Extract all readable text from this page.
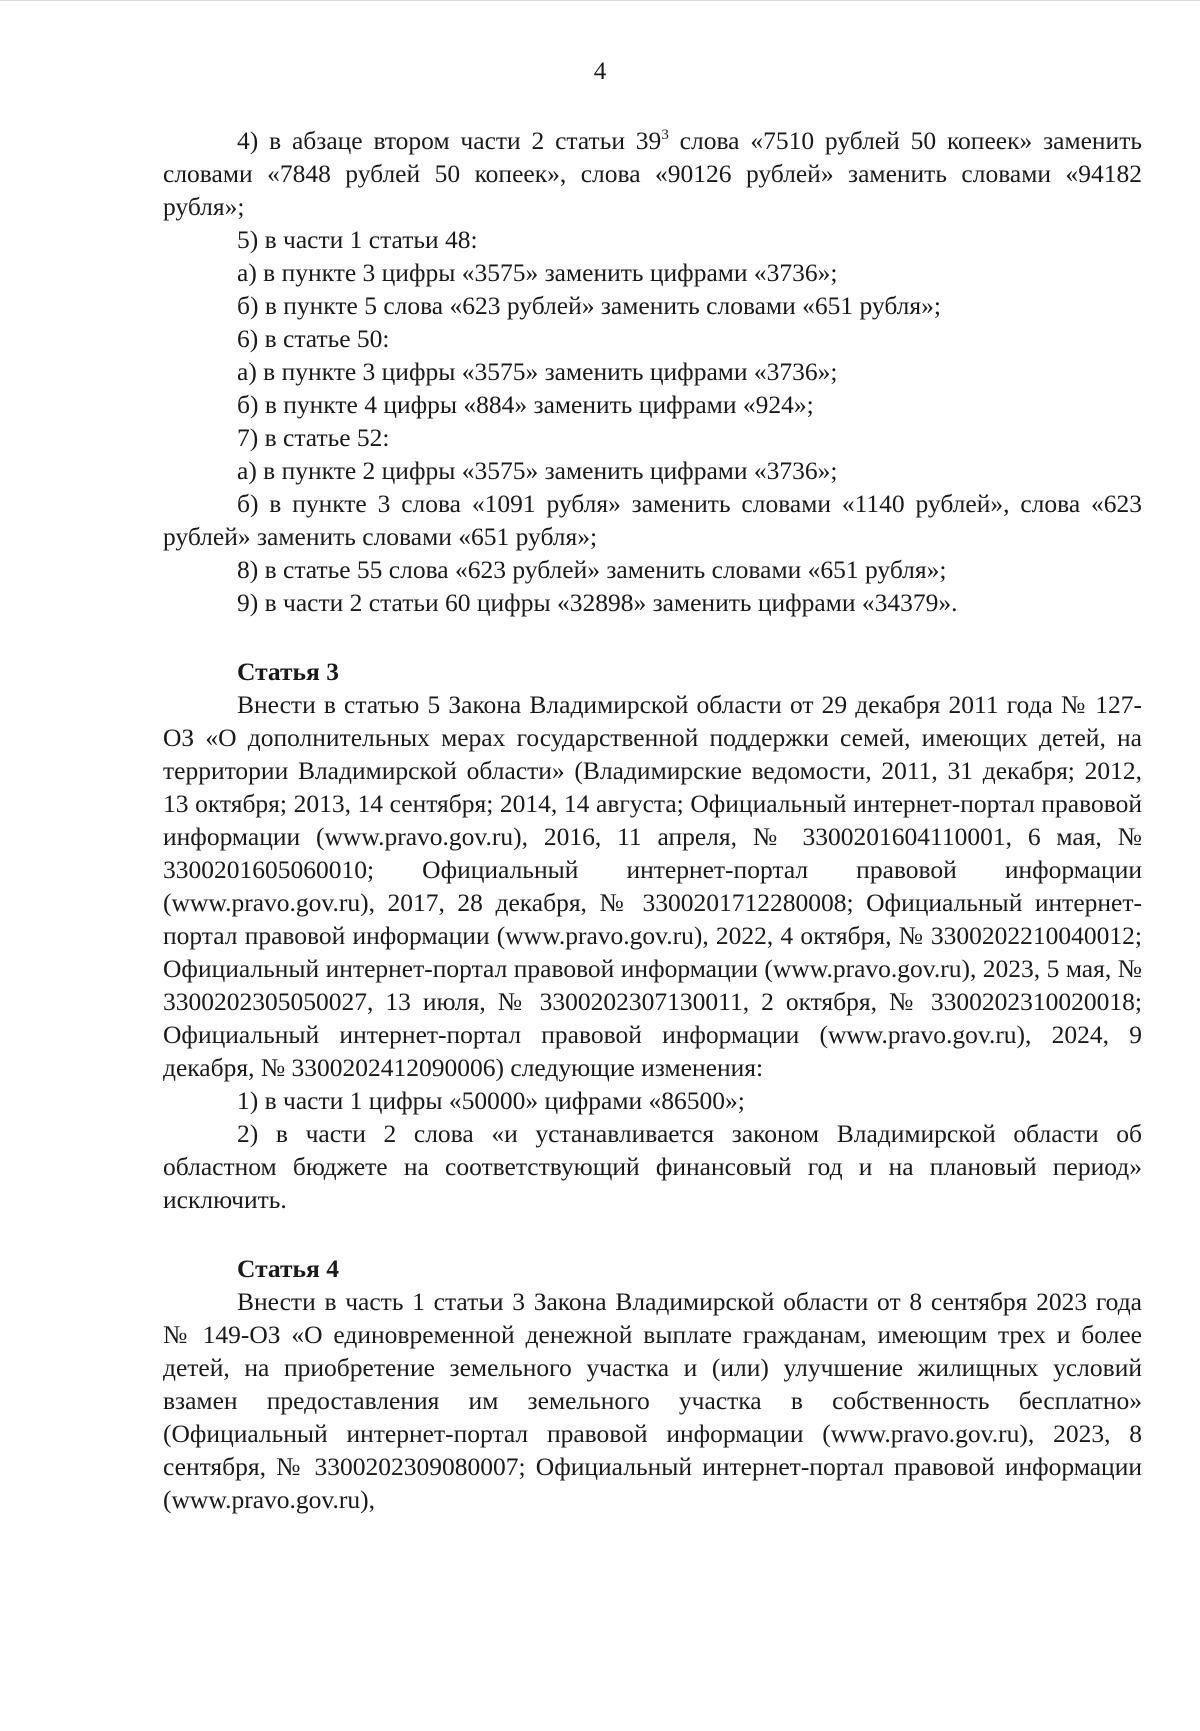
4

4) в абзаце втором части 2 статьи $39^3$ слова «7510 рублей 50 копеек» заменить словами «7848 рублей 50 копеек», слова «90126 рублей» заменить словами «94182 рубля»;

5) в части 1 статьи 48:

а) в пункте 3 цифры «3575» заменить цифрами «3736»;

б) в пункте 5 слова «623 рублей» заменить словами «651 рубля»;

6) в статье 50:

а) в пункте 3 цифры «3575» заменить цифрами «3736»;

б) в пункте 4 цифры «884» заменить цифрами «924»;

7) в статье 52:

а) в пункте 2 цифры «3575» заменить цифрами «3736»;

б) в пункте 3 слова «1091 рубля» заменить словами «1140 рублей», слова «623 рублей» заменить словами «651 рубля»;

8) в статье 55 слова «623 рублей» заменить словами «651 рубля»;

9) в части 2 статьи 60 цифры «32898» заменить цифрами «34379».

Статья 3

Внести в статью 5 Закона Владимирской области от 29 декабря 2011 года № 127-ОЗ «О дополнительных мерах государственной поддержки семей, имеющих детей, на территории Владимирской области» (Владимирские ведомости, 2011, 31 декабря; 2012, 13 октября; 2013, 14 сентября; 2014, 14 августа; Официальный интернет-портал правовой информации (www.pravo.gov.ru), 2016, 11 апреля, № 3300201604110001, 6 мая, № 3300201605060010; Официальный интернет-портал правовой информации (www.pravo.gov.ru), 2017, 28 декабря, № 3300201712280008; Официальный интернет-портал правовой информации (www.pravo.gov.ru), 2022, 4 октября, № 3300202210040012; Официальный интернет-портал правовой информации (www.pravo.gov.ru), 2023, 5 мая, № 3300202305050027, 13 июля, № 3300202307130011, 2 октября, № 3300202310020018; Официальный интернет-портал правовой информации (www.pravo.gov.ru), 2024, 9 декабря, № 3300202412090006) следующие изменения:

1) в части 1 цифры «50000» цифрами «86500»;

2) в части 2 слова «и устанавливается законом Владимирской области об областном бюджете на соответствующий финансовый год и на плановый период» исключить.

Статья 4

Внести в часть 1 статьи 3 Закона Владимирской области от 8 сентября 2023 года № 149-ОЗ «О единовременной денежной выплате гражданам, имеющим трех и более детей, на приобретение земельного участка и (или) улучшение жилищных условий взамен предоставления им земельного участка в собственность бесплатно» (Официальный интернет-портал правовой информации (www.pravo.gov.ru), 2023, 8 сентября, № 3300202309080007; Официальный интернет-портал правовой информации (www.pravo.gov.ru),
